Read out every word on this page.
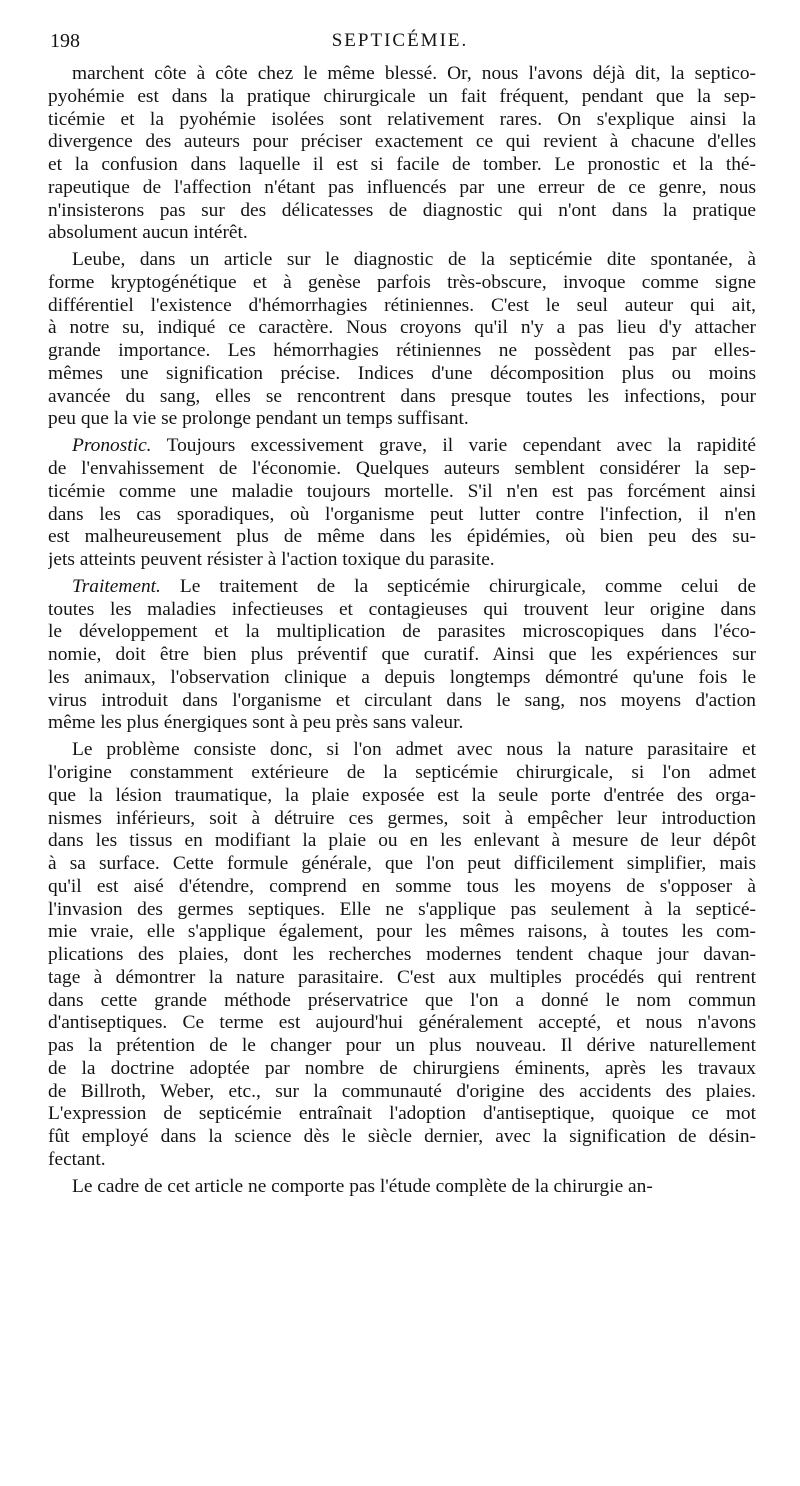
198	SEPTICÉMIE.
marchent côte à côte chez le même blessé. Or, nous l'avons déjà dit, la septico-
pyohémie est dans la pratique chirurgicale un fait fréquent, pendant que la sep-
ticémie et la pyohémie isolées sont relativement rares. On s'explique ainsi la
divergence des auteurs pour préciser exactement ce qui revient à chacune d'elles
et la confusion dans laquelle il est si facile de tomber. Le pronostic et la thé-
rapeutique de l'affection n'étant pas influencés par une erreur de ce genre, nous
n'insisterons pas sur des délicatesses de diagnostic qui n'ont dans la pratique
absolument aucun intérêt.
Leube, dans un article sur le diagnostic de la septicémie dite spontanée, à
forme kryptogénétique et à genèse parfois très-obscure, invoque comme signe
différentiel l'existence d'hémorrhagies rétiniennes. C'est le seul auteur qui ait,
à notre su, indiqué ce caractère. Nous croyons qu'il n'y a pas lieu d'y attacher
grande importance. Les hémorrhagies rétiniennes ne possèdent pas par elles-
mêmes une signification précise. Indices d'une décomposition plus ou moins
avancée du sang, elles se rencontrent dans presque toutes les infections, pour
peu que la vie se prolonge pendant un temps suffisant.
Pronostic. Toujours excessivement grave, il varie cependant avec la rapidité
de l'envahissement de l'économie. Quelques auteurs semblent considérer la sep-
ticémie comme une maladie toujours mortelle. S'il n'en est pas forcément ainsi
dans les cas sporadiques, où l'organisme peut lutter contre l'infection, il n'en
est malheureusement plus de même dans les épidémies, où bien peu des su-
jets atteints peuvent résister à l'action toxique du parasite.
Traitement. Le traitement de la septicémie chirurgicale, comme celui de
toutes les maladies infectieuses et contagieuses qui trouvent leur origine dans
le développement et la multiplication de parasites microscopiques dans l'éco-
nomie, doit être bien plus préventif que curatif. Ainsi que les expériences sur
les animaux, l'observation clinique a depuis longtemps démontré qu'une fois le
virus introduit dans l'organisme et circulant dans le sang, nos moyens d'action
même les plus énergiques sont à peu près sans valeur.
Le problème consiste donc, si l'on admet avec nous la nature parasitaire et
l'origine constamment extérieure de la septicémie chirurgicale, si l'on admet
que la lésion traumatique, la plaie exposée est la seule porte d'entrée des orga-
nismes inférieurs, soit à détruire ces germes, soit à empêcher leur introduction
dans les tissus en modifiant la plaie ou en les enlevant à mesure de leur dépôt
à sa surface. Cette formule générale, que l'on peut difficilement simplifier, mais
qu'il est aisé d'étendre, comprend en somme tous les moyens de s'opposer à
l'invasion des germes septiques. Elle ne s'applique pas seulement à la septicé-
mie vraie, elle s'applique également, pour les mêmes raisons, à toutes les com-
plications des plaies, dont les recherches modernes tendent chaque jour davan-
tage à démontrer la nature parasitaire. C'est aux multiples procédés qui rentrent
dans cette grande méthode préservatrice que l'on a donné le nom commun
d'antiseptiques. Ce terme est aujourd'hui généralement accepté, et nous n'avons
pas la prétention de le changer pour un plus nouveau. Il dérive naturellement
de la doctrine adoptée par nombre de chirurgiens éminents, après les travaux
de Billroth, Weber, etc., sur la communauté d'origine des accidents des plaies.
L'expression de septicémie entraînait l'adoption d'antiseptique, quoique ce mot
fût employé dans la science dès le siècle dernier, avec la signification de désin-
fectant.
Le cadre de cet article ne comporte pas l'étude complète de la chirurgie an-
